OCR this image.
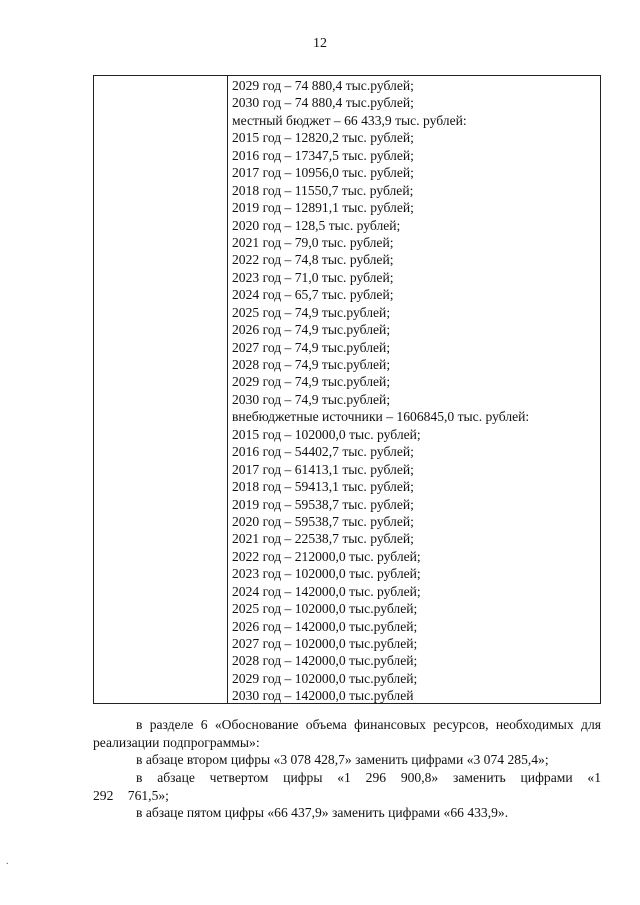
12
2029 год – 74 880,4 тыс.рублей;
2030 год – 74 880,4 тыс.рублей;
местный бюджет – 66 433,9 тыс. рублей:
2015 год – 12820,2 тыс. рублей;
2016 год – 17347,5 тыс. рублей;
2017 год – 10956,0 тыс. рублей;
2018 год – 11550,7 тыс. рублей;
2019 год – 12891,1 тыс. рублей;
2020 год – 128,5 тыс. рублей;
2021 год – 79,0 тыс. рублей;
2022 год – 74,8 тыс. рублей;
2023 год – 71,0 тыс. рублей;
2024 год – 65,7 тыс. рублей;
2025 год – 74,9 тыс.рублей;
2026 год – 74,9 тыс.рублей;
2027 год – 74,9 тыс.рублей;
2028 год – 74,9 тыс.рублей;
2029 год – 74,9 тыс.рублей;
2030 год – 74,9 тыс.рублей;
внебюджетные источники – 1606845,0 тыс. рублей:
2015 год – 102000,0 тыс. рублей;
2016 год – 54402,7 тыс. рублей;
2017 год – 61413,1 тыс. рублей;
2018 год – 59413,1 тыс. рублей;
2019 год – 59538,7 тыс. рублей;
2020 год – 59538,7 тыс. рублей;
2021 год – 22538,7 тыс. рублей;
2022 год – 212000,0 тыс. рублей;
2023 год – 102000,0 тыс. рублей;
2024 год – 142000,0 тыс. рублей;
2025 год – 102000,0 тыс.рублей;
2026 год – 142000,0 тыс.рублей;
2027 год – 102000,0 тыс.рублей;
2028 год – 142000,0 тыс.рублей;
2029 год – 102000,0 тыс.рублей;
2030 год – 142000,0 тыс.рублей

в разделе 6 «Обоснование объема финансовых ресурсов, необходимых для реализации подпрограммы»:

в абзаце втором цифры «3 078 428,7» заменить цифрами «3 074 285,4»;

в абзаце четвертом цифры «1 296 900,8» заменить цифрами «1 292 761,5»;

в абзаце пятом цифры «66 437,9» заменить цифрами «66 433,9».

.
